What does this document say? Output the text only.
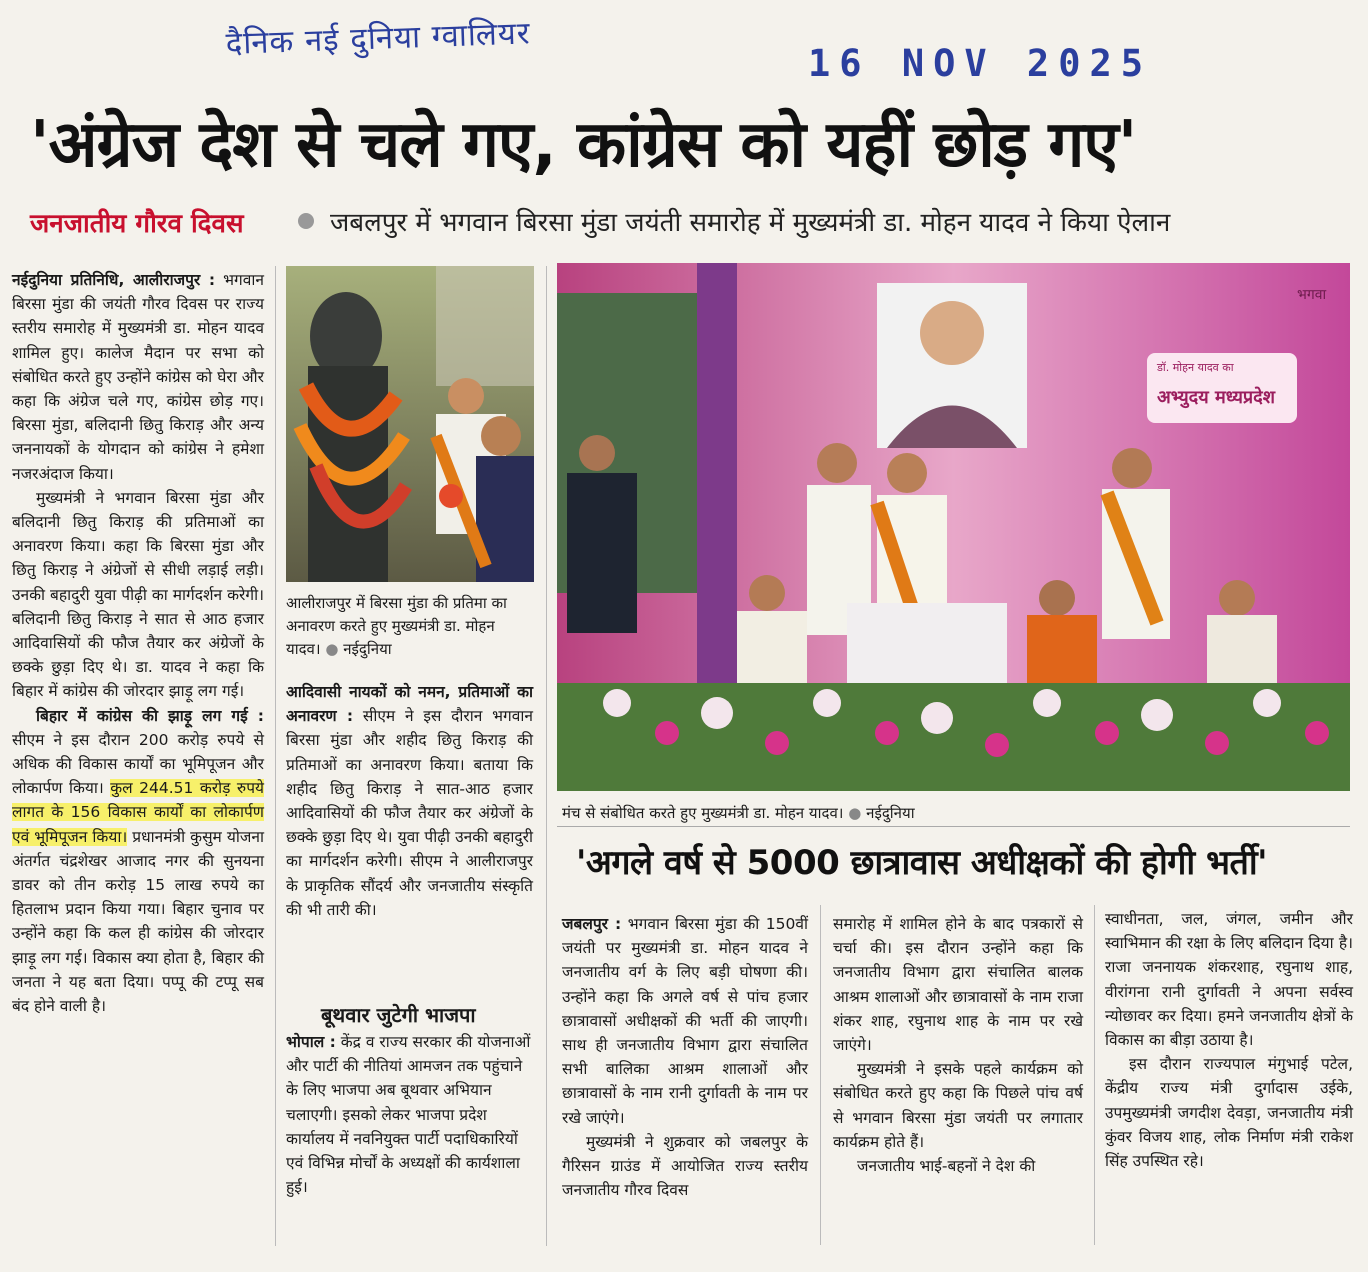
दैनिक नई दुनिया ग्वालियर
16 NOV 2025
'अंग्रेज देश से चले गए, कांग्रेस को यहीं छोड़ गए'
जनजातीय गौरव दिवस	जबलपुर में भगवान बिरसा मुंडा जयंती समारोह में मुख्यमंत्री डा. मोहन यादव ने किया ऐलान

नईदुनिया प्रतिनिधि, आलीराजपुर : भगवान बिरसा मुंडा की जयंती गौरव दिवस पर राज्य स्तरीय समारोह में मुख्यमंत्री डा. मोहन यादव शामिल हुए। कालेज मैदान पर सभा को संबोधित करते हुए उन्होंने कांग्रेस को घेरा और कहा कि अंग्रेज चले गए, कांग्रेस छोड़ गए। बिरसा मुंडा, बलिदानी छितु किराड़ और अन्य जननायकों के योगदान को कांग्रेस ने हमेशा नजरअंदाज किया।

मुख्यमंत्री ने भगवान बिरसा मुंडा और बलिदानी छितु किराड़ की प्रतिमाओं का अनावरण किया। कहा कि बिरसा मुंडा और छितु किराड़ ने अंग्रेजों से सीधी लड़ाई लड़ी। उनकी बहादुरी युवा पीढ़ी का मार्गदर्शन करेगी। बलिदानी छितु किराड़ ने सात से आठ हजार आदिवासियों की फौज तैयार कर अंग्रेजों के छक्के छुड़ा दिए थे। डा. यादव ने कहा कि बिहार में कांग्रेस की जोरदार झाड़ू लग गई।

बिहार में कांग्रेस की झाड़ू लग गई : सीएम ने इस दौरान 200 करोड़ रुपये से अधिक की विकास कार्यों का भूमिपूजन और लोकार्पण किया। कुल 244.51 करोड़ रुपये लागत के 156 विकास कार्यों का लोकार्पण एवं भूमिपूजन किया। प्रधानमंत्री कुसुम योजना अंतर्गत चंद्रशेखर आजाद नगर की सुनयना डावर को तीन करोड़ 15 लाख रुपये का हितलाभ प्रदान किया गया। बिहार चुनाव पर उन्होंने कहा कि कल ही कांग्रेस की जोरदार झाड़ू लग गई। विकास क्या होता है, बिहार की जनता ने यह बता दिया। पप्पू की टप्पू सब बंद होने वाली है।

आलीराजपुर में बिरसा मुंडा की प्रतिमा का अनावरण करते हुए मुख्यमंत्री डा. मोहन यादव। ● नईदुनिया

आदिवासी नायकों को नमन, प्रतिमाओं का अनावरण : सीएम ने इस दौरान भगवान बिरसा मुंडा और शहीद छितु किराड़ की प्रतिमाओं का अनावरण किया। बताया कि शहीद छितु किराड़ ने सात-आठ हजार आदिवासियों की फौज तैयार कर अंग्रेजों के छक्के छुड़ा दिए थे। युवा पीढ़ी उनकी बहादुरी का मार्गदर्शन करेगी। सीएम ने आलीराजपुर के प्राकृतिक सौंदर्य और जनजातीय संस्कृति की भी तारी की।

बूथवार जुटेगी भाजपा
भोपाल : केंद्र व राज्य सरकार की योजनाओं और पार्टी की नीतियां आमजन तक पहुंचाने के लिए भाजपा अब बूथवार अभियान चलाएगी। इसको लेकर भाजपा प्रदेश कार्यालय में नवनियुक्त पार्टी पदाधिकारियों एवं विभिन्न मोर्चों के अध्यक्षों की कार्यशाला हुई।
डॉ. मोहन यादव का
अभ्युदय मध्यप्रदेश
भगवा
मंच से संबोधित करते हुए मुख्यमंत्री डा. मोहन यादव। ● नईदुनिया
'अगले वर्ष से 5000 छात्रावास अधीक्षकों की होगी भर्ती'

जबलपुर : भगवान बिरसा मुंडा की 150वीं जयंती पर मुख्यमंत्री डा. मोहन यादव ने जनजातीय वर्ग के लिए बड़ी घोषणा की। उन्होंने कहा कि अगले वर्ष से पांच हजार छात्रावासों अधीक्षकों की भर्ती की जाएगी। साथ ही जनजातीय विभाग द्वारा संचालित सभी बालिका आश्रम शालाओं और छात्रावासों के नाम रानी दुर्गावती के नाम पर रखे जाएंगे।

मुख्यमंत्री ने शुक्रवार को जबलपुर के गैरिसन ग्राउंड में आयोजित राज्य स्तरीय जनजातीय गौरव दिवस

समारोह में शामिल होने के बाद पत्रकारों से चर्चा की। इस दौरान उन्होंने कहा कि जनजातीय विभाग द्वारा संचालित बालक आश्रम शालाओं और छात्रावासों के नाम राजा शंकर शाह, रघुनाथ शाह के नाम पर रखे जाएंगे।

मुख्यमंत्री ने इसके पहले कार्यक्रम को संबोधित करते हुए कहा कि पिछले पांच वर्ष से भगवान बिरसा मुंडा जयंती पर लगातार कार्यक्रम होते हैं।

जनजातीय भाई-बहनों ने देश की

स्वाधीनता, जल, जंगल, जमीन और स्वाभिमान की रक्षा के लिए बलिदान दिया है। राजा जननायक शंकरशाह, रघुनाथ शाह, वीरांगना रानी दुर्गावती ने अपना सर्वस्व न्योछावर कर दिया। हमने जनजातीय क्षेत्रों के विकास का बीड़ा उठाया है।

इस दौरान राज्यपाल मंगुभाई पटेल, केंद्रीय राज्य मंत्री दुर्गादास उईके, उपमुख्यमंत्री जगदीश देवड़ा, जनजातीय मंत्री कुंवर विजय शाह, लोक निर्माण मंत्री राकेश सिंह उपस्थित रहे।
